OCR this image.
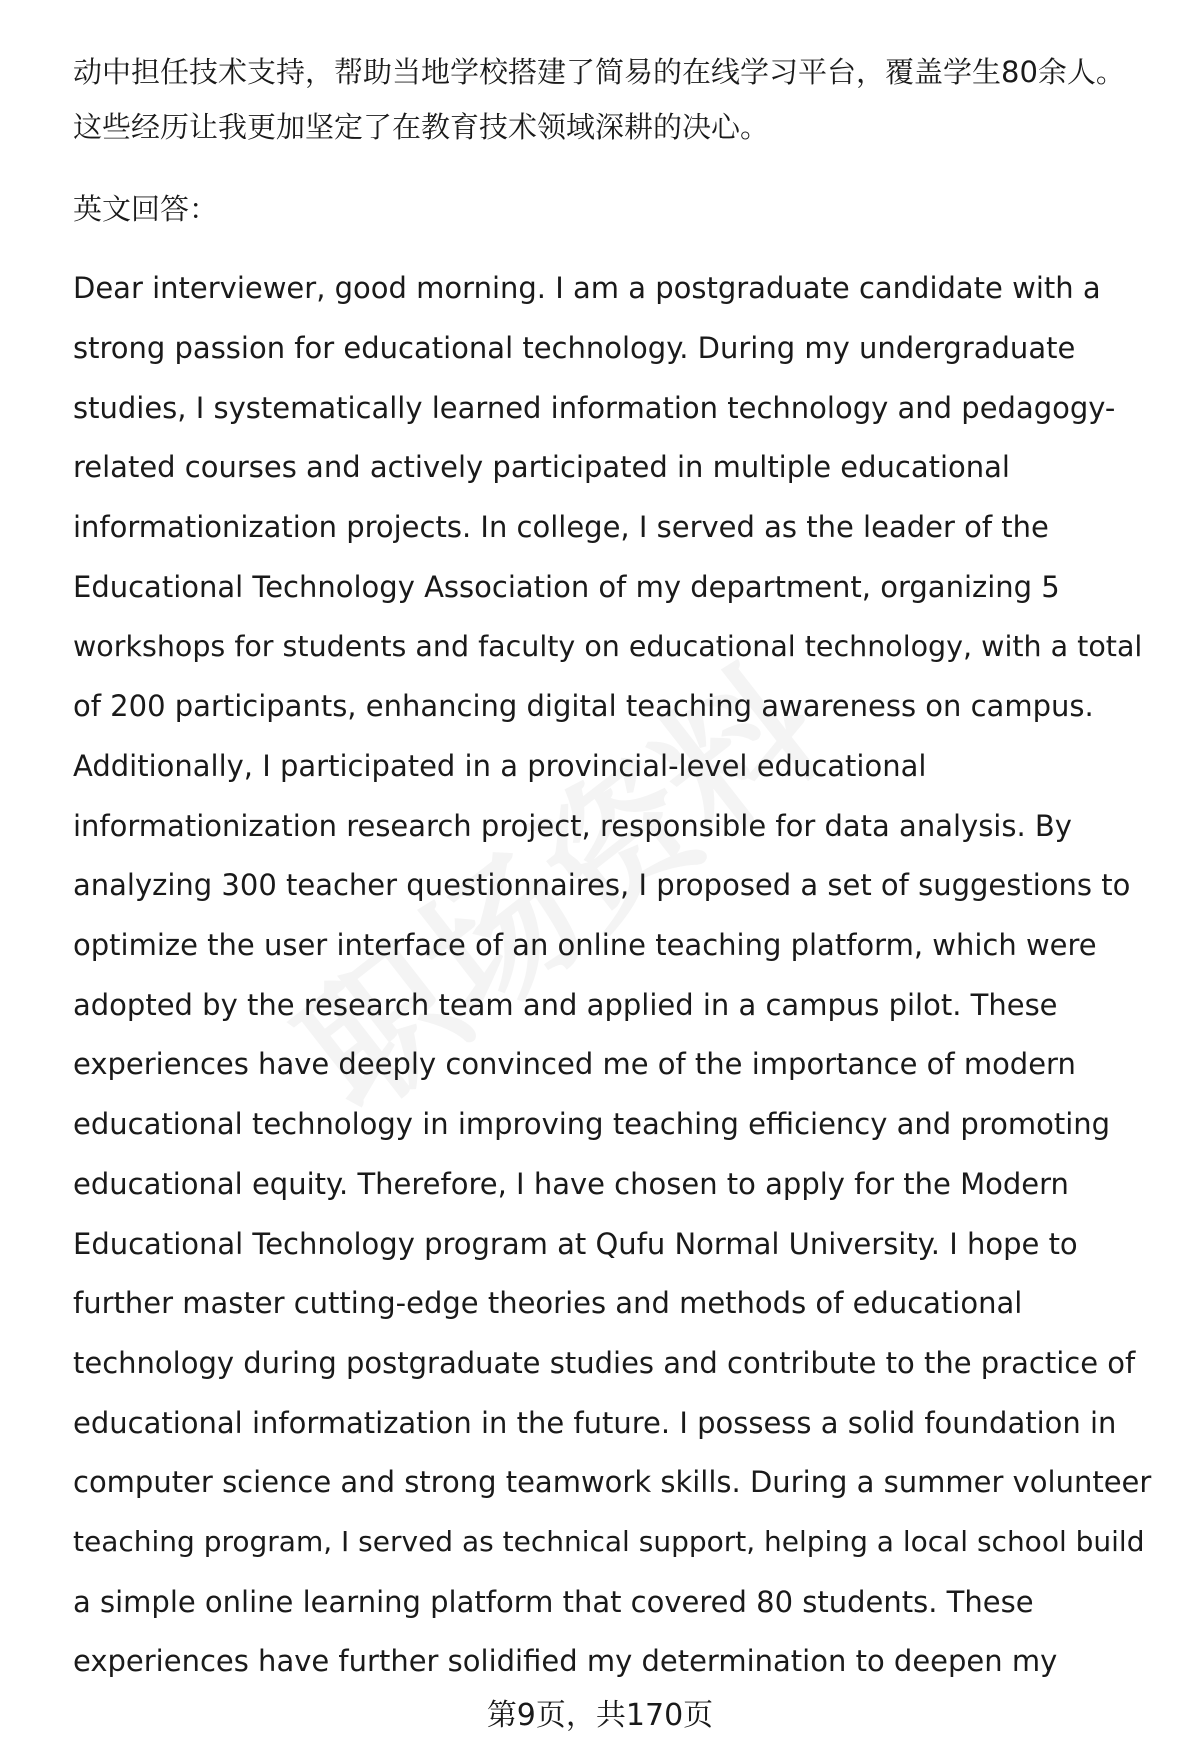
动中担任技术支持，帮助当地学校搭建了简易的在线学习平台，覆盖学生80余人。
这些经历让我更加坚定了在教育技术领域深耕的决心。
英文回答：
Dear interviewer, good morning. I am a postgraduate candidate with a
strong passion for educational technology. During my undergraduate
studies, I systematically learned information technology and pedagogy-
related courses and actively participated in multiple educational
informationization projects. In college, I served as the leader of the
Educational Technology Association of my department, organizing 5
workshops for students and faculty on educational technology, with a total
of 200 participants, enhancing digital teaching awareness on campus.
Additionally, I participated in a provincial-level educational
informationization research project, responsible for data analysis. By
analyzing 300 teacher questionnaires, I proposed a set of suggestions to
optimize the user interface of an online teaching platform, which were
adopted by the research team and applied in a campus pilot. These
experiences have deeply convinced me of the importance of modern
educational technology in improving teaching efficiency and promoting
educational equity. Therefore, I have chosen to apply for the Modern
Educational Technology program at Qufu Normal University. I hope to
further master cutting-edge theories and methods of educational
technology during postgraduate studies and contribute to the practice of
educational informatization in the future. I possess a solid foundation in
computer science and strong teamwork skills. During a summer volunteer
teaching program, I served as technical support, helping a local school build
a simple online learning platform that covered 80 students. These
experiences have further solidified my determination to deepen my
第9页，共170页
